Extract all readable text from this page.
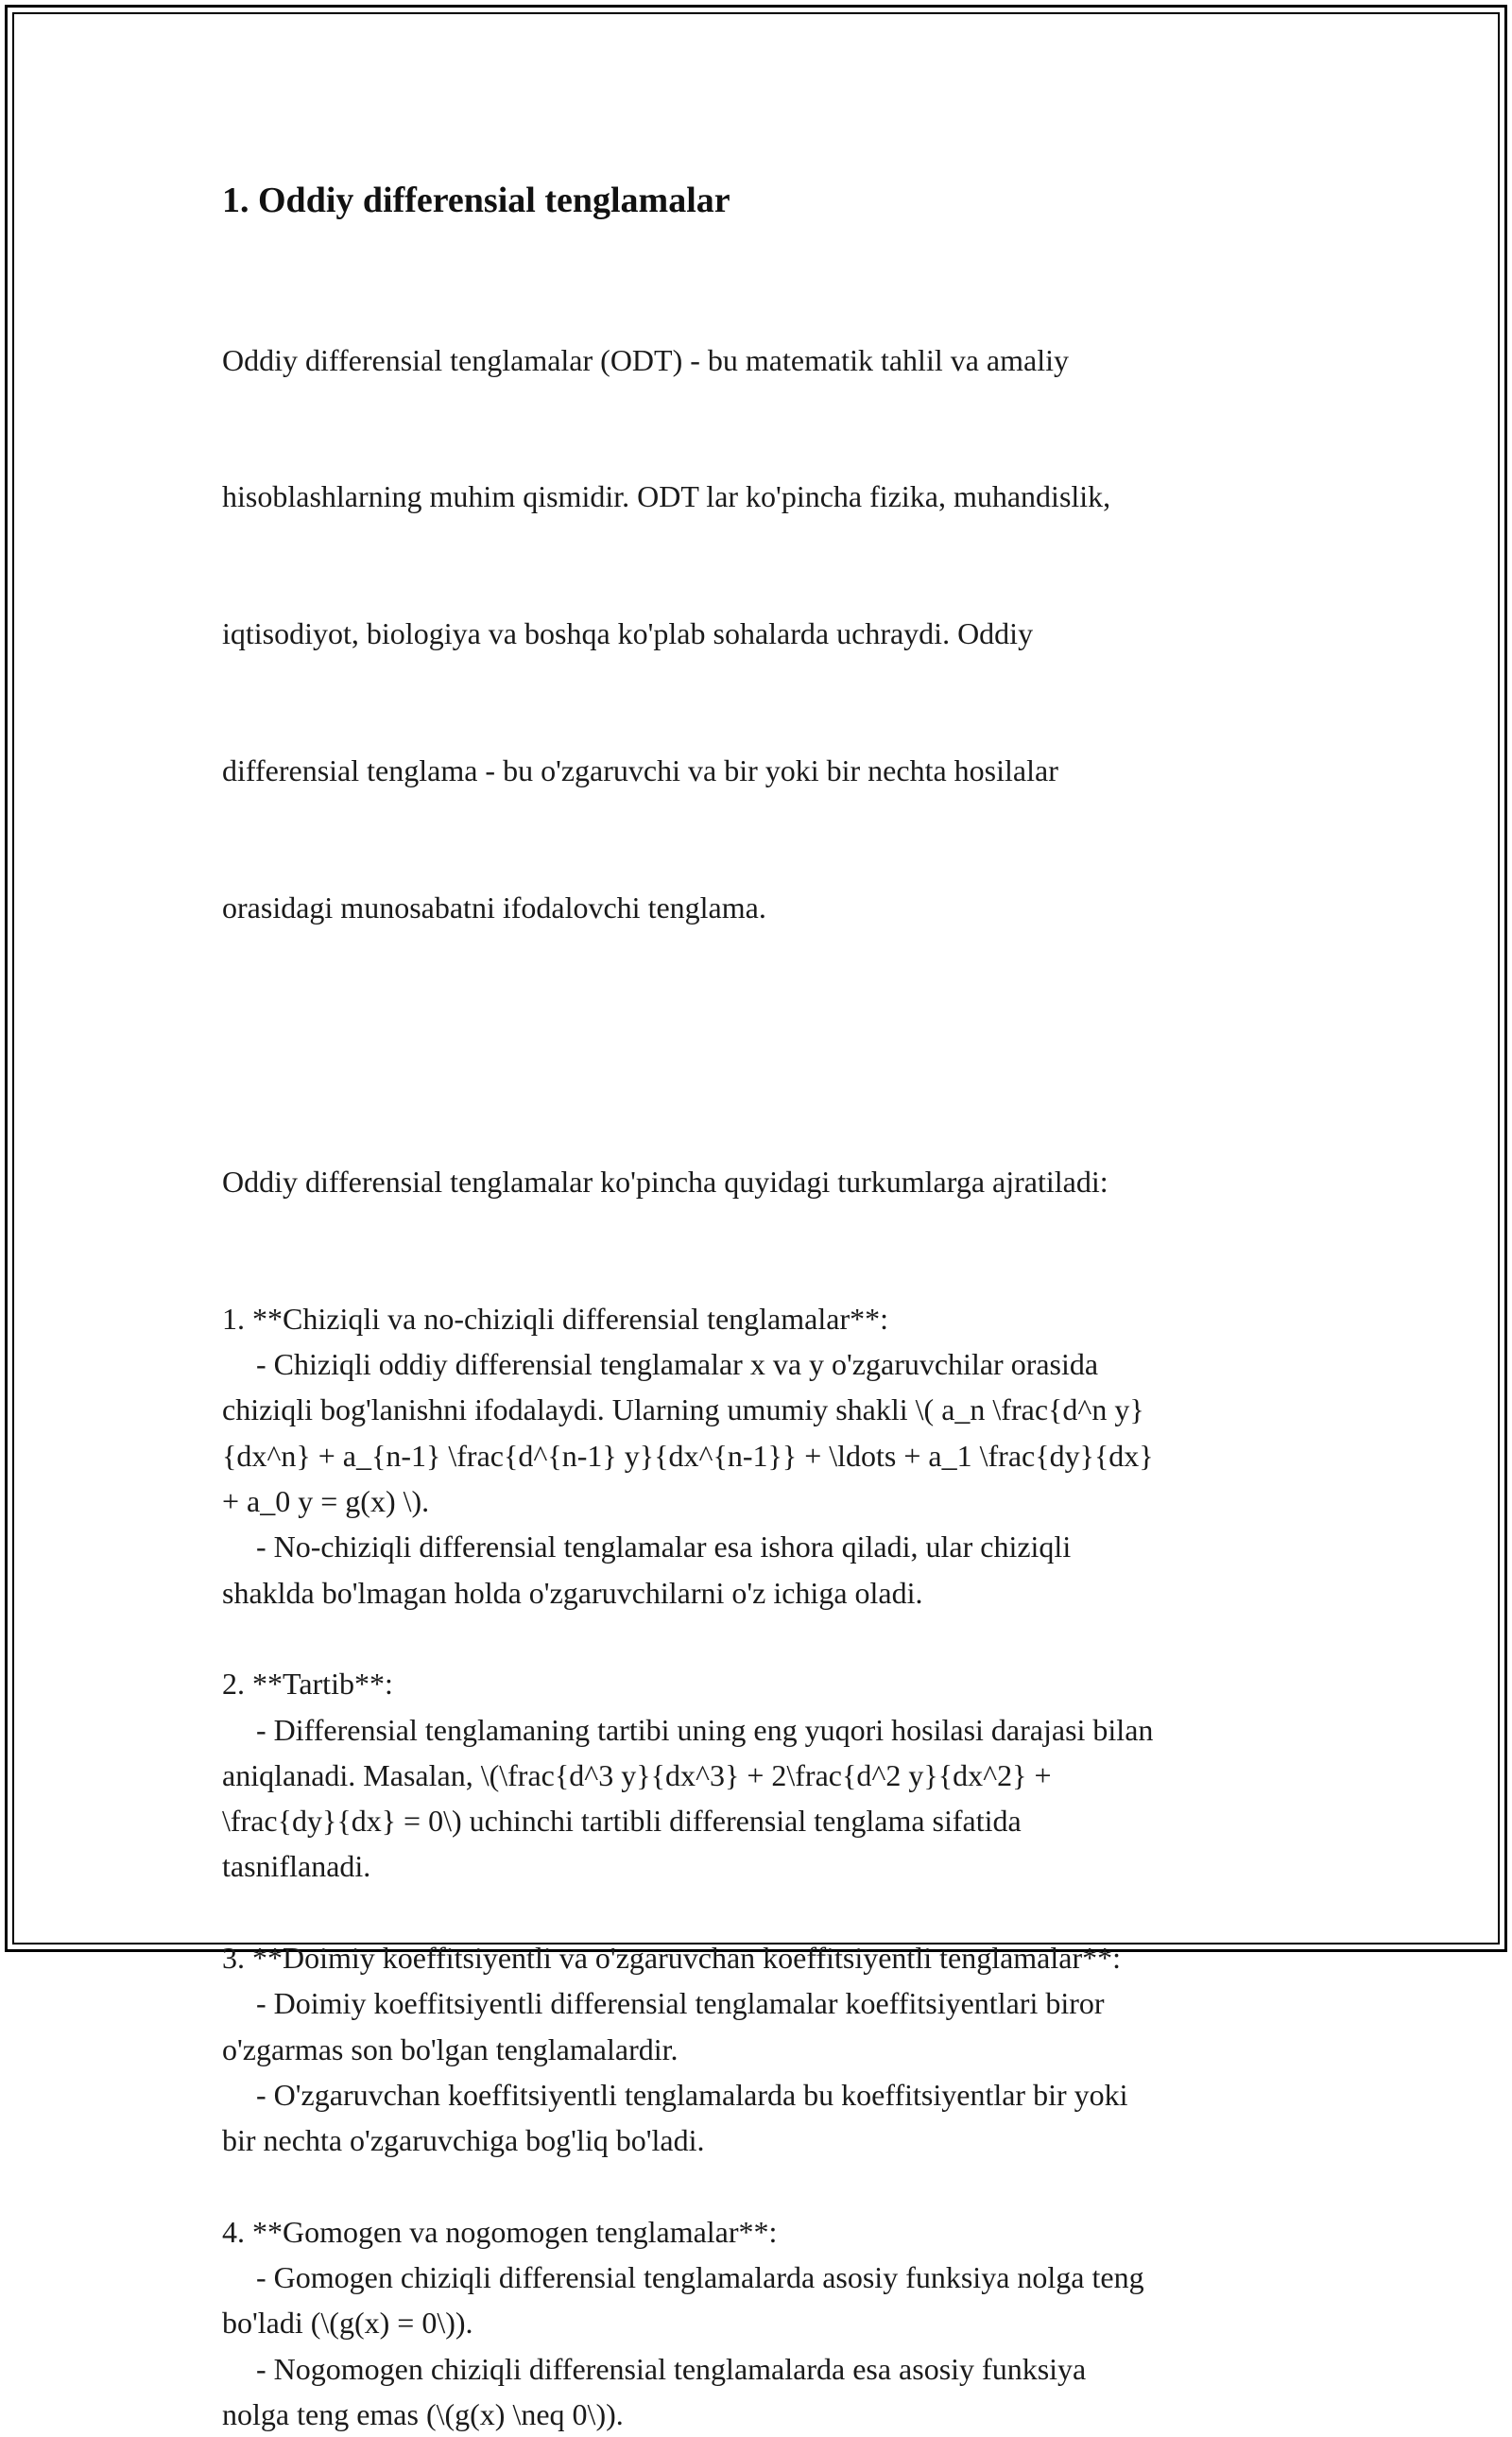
1. Oddiy differensial tenglamalar

Oddiy differensial tenglamalar (ODT) - bu matematik tahlil va amaliy

hisoblashlarning muhim qismidir. ODT lar ko'pincha fizika, muhandislik,

iqtisodiyot, biologiya va boshqa ko'plab sohalarda uchraydi. Oddiy

differensial tenglama - bu o'zgaruvchi va bir yoki bir nechta hosilalar

orasidagi munosabatni ifodalovchi tenglama.

Oddiy differensial tenglamalar ko'pincha quyidagi turkumlarga ajratiladi:

1. **Chiziqli va no-chiziqli differensial tenglamalar**:
- Chiziqli oddiy differensial tenglamalar x va y o'zgaruvchilar orasida
chiziqli bog'lanishni ifodalaydi. Ularning umumiy shakli \( a_n \frac{d^n y}
{dx^n} + a_{n-1} \frac{d^{n-1} y}{dx^{n-1}} + \ldots + a_1 \frac{dy}{dx}
+ a_0 y = g(x) \).
- No-chiziqli differensial tenglamalar esa ishora qiladi, ular chiziqli
shaklda bo'lmagan holda o'zgaruvchilarni o'z ichiga oladi.
2. **Tartib**:
- Differensial tenglamaning tartibi uning eng yuqori hosilasi darajasi bilan
aniqlanadi. Masalan, \(\frac{d^3 y}{dx^3} + 2\frac{d^2 y}{dx^2} +
\frac{dy}{dx} = 0\) uchinchi tartibli differensial tenglama sifatida
tasniflanadi.
3. **Doimiy koeffitsiyentli va o'zgaruvchan koeffitsiyentli tenglamalar**:
- Doimiy koeffitsiyentli differensial tenglamalar koeffitsiyentlari biror
o'zgarmas son bo'lgan tenglamalardir.
- O'zgaruvchan koeffitsiyentli tenglamalarda bu koeffitsiyentlar bir yoki
bir nechta o'zgaruvchiga bog'liq bo'ladi.
4. **Gomogen va nogomogen tenglamalar**:
- Gomogen chiziqli differensial tenglamalarda asosiy funksiya nolga teng
bo'ladi (\(g(x) = 0\)).
- Nogomogen chiziqli differensial tenglamalarda esa asosiy funksiya
nolga teng emas (\(g(x) \neq 0\)).
